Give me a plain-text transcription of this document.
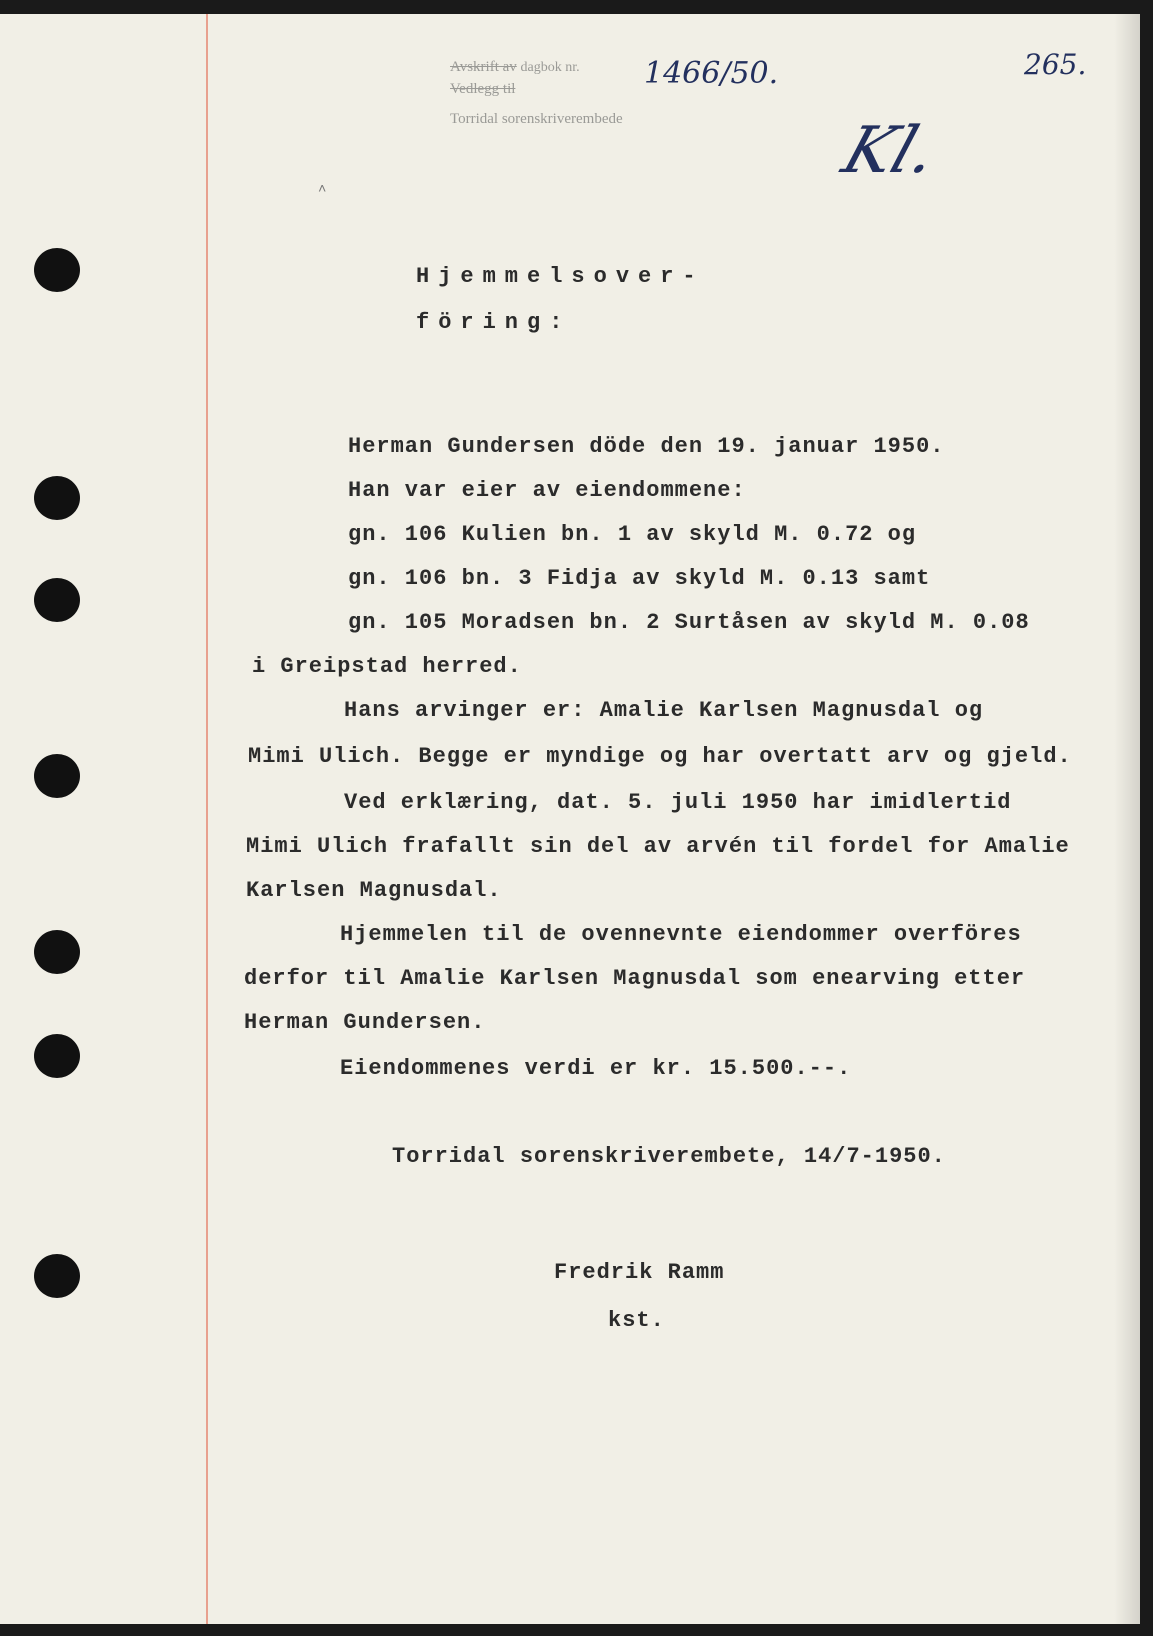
Avskrift av dagbok nr.
Vedlegg til
Torridal sorenskriverembede
1466/50.	265.
Kl.
˄
Hjemmelsover-
föring:
Herman Gundersen döde den 19. januar 1950.
Han var eier av eiendommene:
gn. 106 Kulien bn. 1 av skyld M. 0.72 og
gn. 106 bn. 3 Fidja av skyld M. 0.13 samt
gn. 105 Moradsen bn. 2 Surtåsen av skyld M. 0.08
i Greipstad herred.
Hans arvinger er: Amalie Karlsen Magnusdal og
Mimi Ulich. Begge er myndige og har overtatt arv og gjeld.
Ved erklæring, dat. 5. juli 1950 har imidlertid
Mimi Ulich frafallt sin del av arvén til fordel for Amalie
Karlsen Magnusdal.
Hjemmelen til de ovennevnte eiendommer overföres
derfor til Amalie Karlsen Magnusdal som enearving etter
Herman Gundersen.
Eiendommenes verdi er kr. 15.500.--.
Torridal sorenskriverembete, 14/7-1950.
Fredrik Ramm
kst.
